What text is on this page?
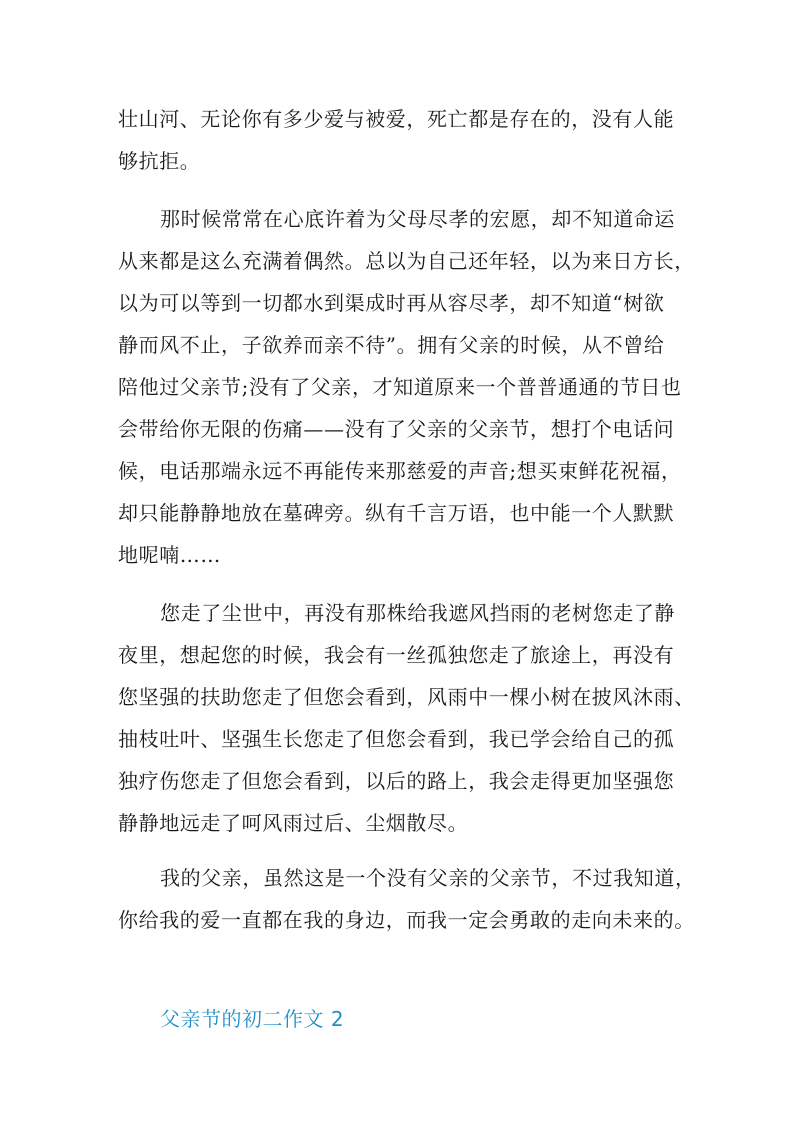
壮山河、无论你有多少爱与被爱，死亡都是存在的，没有人能
够抗拒。
那时候常常在心底许着为父母尽孝的宏愿，却不知道命运
从来都是这么充满着偶然。总以为自己还年轻，以为来日方长，
以为可以等到一切都水到渠成时再从容尽孝，却不知道“树欲
静而风不止，子欲养而亲不待”。拥有父亲的时候，从不曾给
陪他过父亲节;没有了父亲，才知道原来一个普普通通的节日也
会带给你无限的伤痛——没有了父亲的父亲节，想打个电话问
候，电话那端永远不再能传来那慈爱的声音;想买束鲜花祝福，
却只能静静地放在墓碑旁。纵有千言万语，也中能一个人默默
地呢喃……
您走了尘世中，再没有那株给我遮风挡雨的老树您走了静
夜里，想起您的时候，我会有一丝孤独您走了旅途上，再没有
您坚强的扶助您走了但您会看到，风雨中一棵小树在披风沐雨、
抽枝吐叶、坚强生长您走了但您会看到，我已学会给自己的孤
独疗伤您走了但您会看到，以后的路上，我会走得更加坚强您
静静地远走了呵风雨过后、尘烟散尽。
我的父亲，虽然这是一个没有父亲的父亲节，不过我知道，
你给我的爱一直都在我的身边，而我一定会勇敢的走向未来的。
父亲节的初二作文 2
